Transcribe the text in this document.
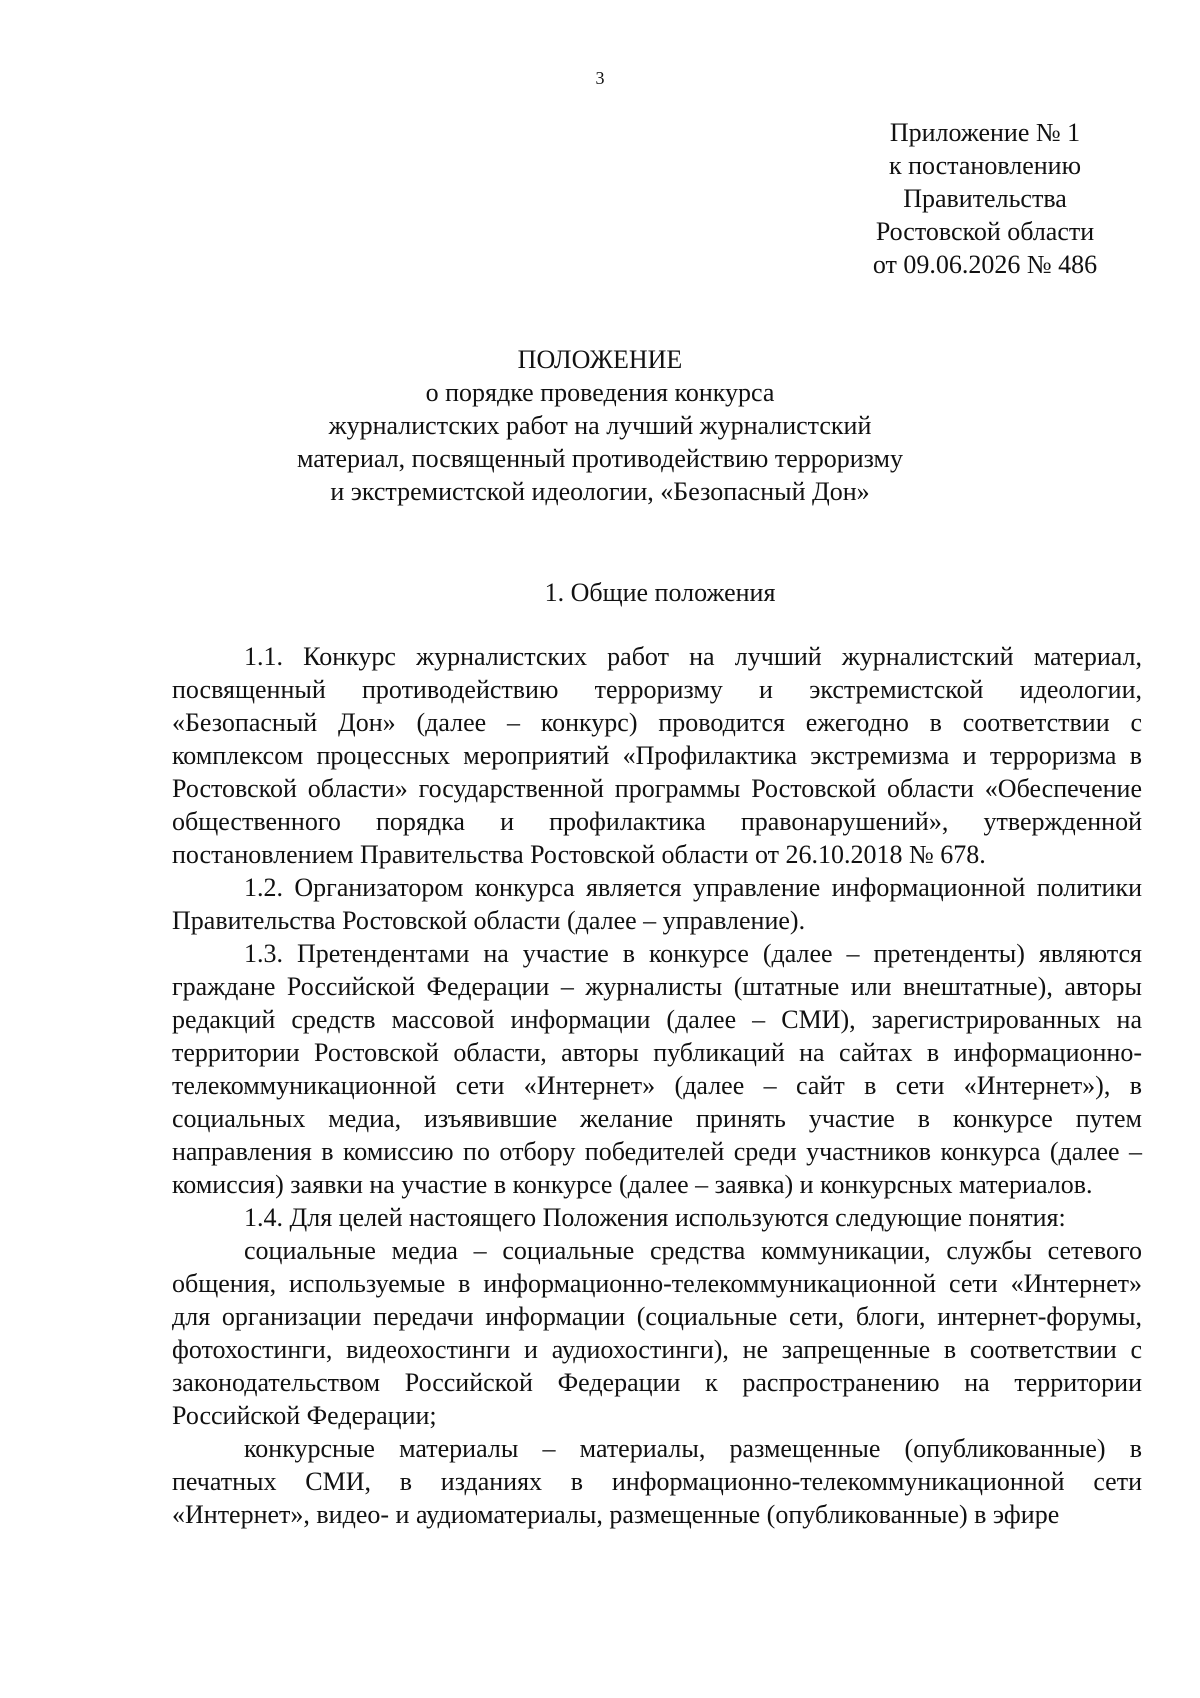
3
Приложение № 1
к постановлению
Правительства
Ростовской области
от 09.06.2026 № 486
ПОЛОЖЕНИЕ
о порядке проведения конкурса
журналистских работ на лучший журналистский
материал, посвященный противодействию терроризму
и экстремистской идеологии, «Безопасный Дон»
1. Общие положения

1.1. Конкурс журналистских работ на лучший журналистский материал, посвященный противодействию терроризму и экстремистской идеологии, «Безопасный Дон» (далее – конкурс) проводится ежегодно в соответствии с комплексом процессных мероприятий «Профилактика экстремизма и терроризма в Ростовской области» государственной программы Ростовской области «Обеспечение общественного порядка и профилактика правонарушений», утвержденной постановлением Правительства Ростовской области от 26.10.2018 № 678.

1.2. Организатором конкурса является управление информационной политики Правительства Ростовской области (далее – управление).

1.3. Претендентами на участие в конкурсе (далее – претенденты) являются граждане Российской Федерации – журналисты (штатные или внештатные), авторы редакций средств массовой информации (далее – СМИ), зарегистрированных на территории Ростовской области, авторы публикаций на сайтах в информационно-телекоммуникационной сети «Интернет» (далее – сайт в сети «Интернет»), в социальных медиа, изъявившие желание принять участие в конкурсе путем направления в комиссию по отбору победителей среди участников конкурса (далее – комиссия) заявки на участие в конкурсе (далее – заявка) и конкурсных материалов.

1.4. Для целей настоящего Положения используются следующие понятия:

социальные медиа – социальные средства коммуникации, службы сетевого общения, используемые в информационно-телекоммуникационной сети «Интернет» для организации передачи информации (социальные сети, блоги, интернет-форумы, фотохостинги, видеохостинги и аудиохостинги), не запрещенные в соответствии с законодательством Российской Федерации к распространению на территории Российской Федерации;

конкурсные материалы – материалы, размещенные (опубликованные) в печатных СМИ, в изданиях в информационно-телекоммуникационной сети «Интернет», видео- и аудиоматериалы, размещенные (опубликованные) в эфире
